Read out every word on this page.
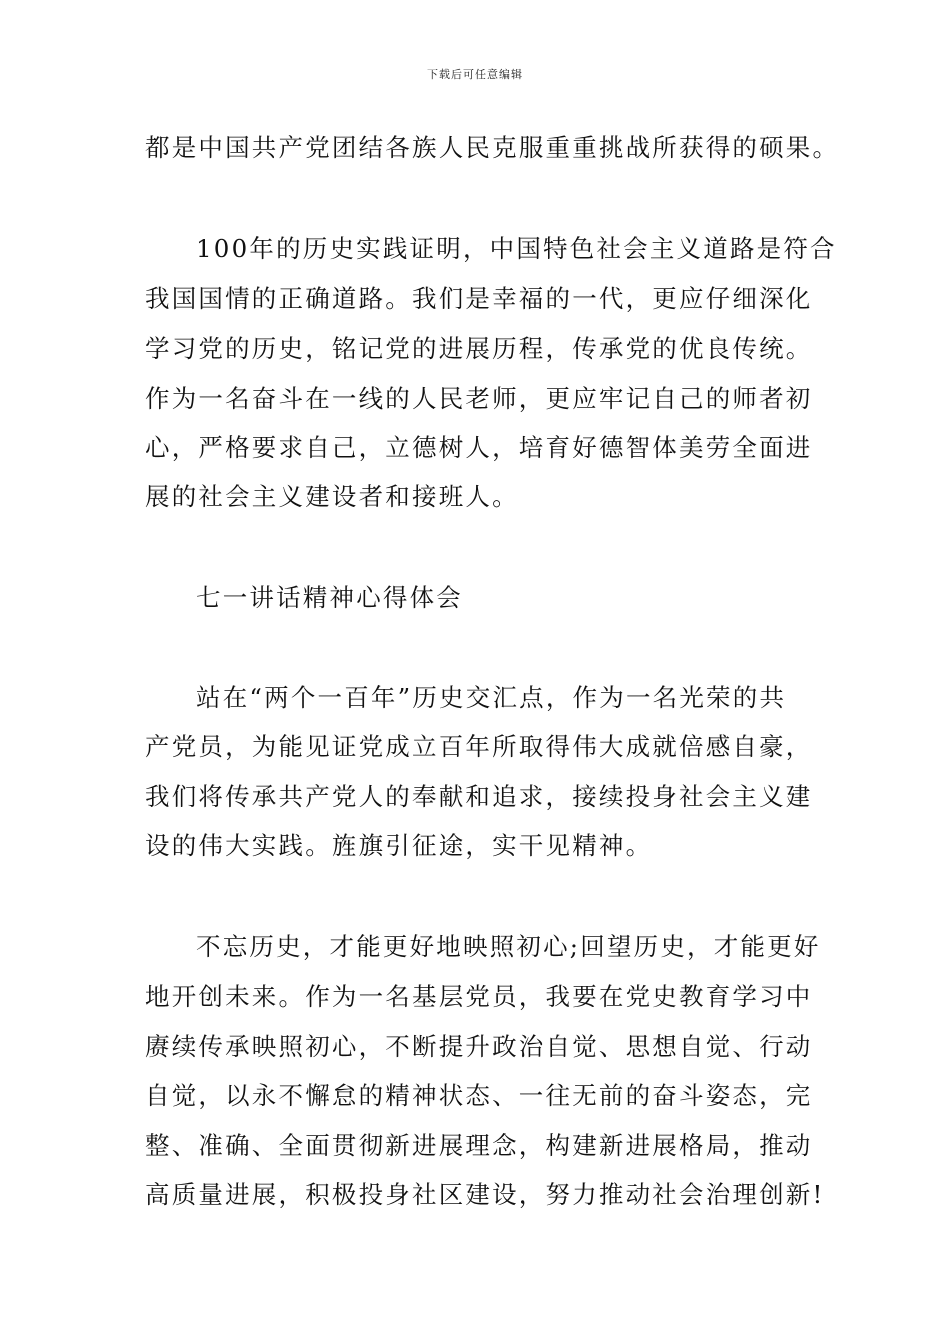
下载后可任意编辑
都是中国共产党团结各族人民克服重重挑战所获得的硕果。
100年的历史实践证明，中国特色社会主义道路是符合
我国国情的正确道路。我们是幸福的一代，更应仔细深化
学习党的历史，铭记党的进展历程，传承党的优良传统。
作为一名奋斗在一线的人民老师，更应牢记自己的师者初
心，严格要求自己，立德树人，培育好德智体美劳全面进
展的社会主义建设者和接班人。
七一讲话精神心得体会
站在“两个一百年”历史交汇点，作为一名光荣的共
产党员，为能见证党成立百年所取得伟大成就倍感自豪，
我们将传承共产党人的奉献和追求，接续投身社会主义建
设的伟大实践。旌旗引征途，实干见精神。
不忘历史，才能更好地映照初心;回望历史，才能更好
地开创未来。作为一名基层党员，我要在党史教育学习中
赓续传承映照初心，不断提升政治自觉、思想自觉、行动
自觉，以永不懈怠的精神状态、一往无前的奋斗姿态，完
整、准确、全面贯彻新进展理念，构建新进展格局，推动
高质量进展，积极投身社区建设，努力推动社会治理创新!
